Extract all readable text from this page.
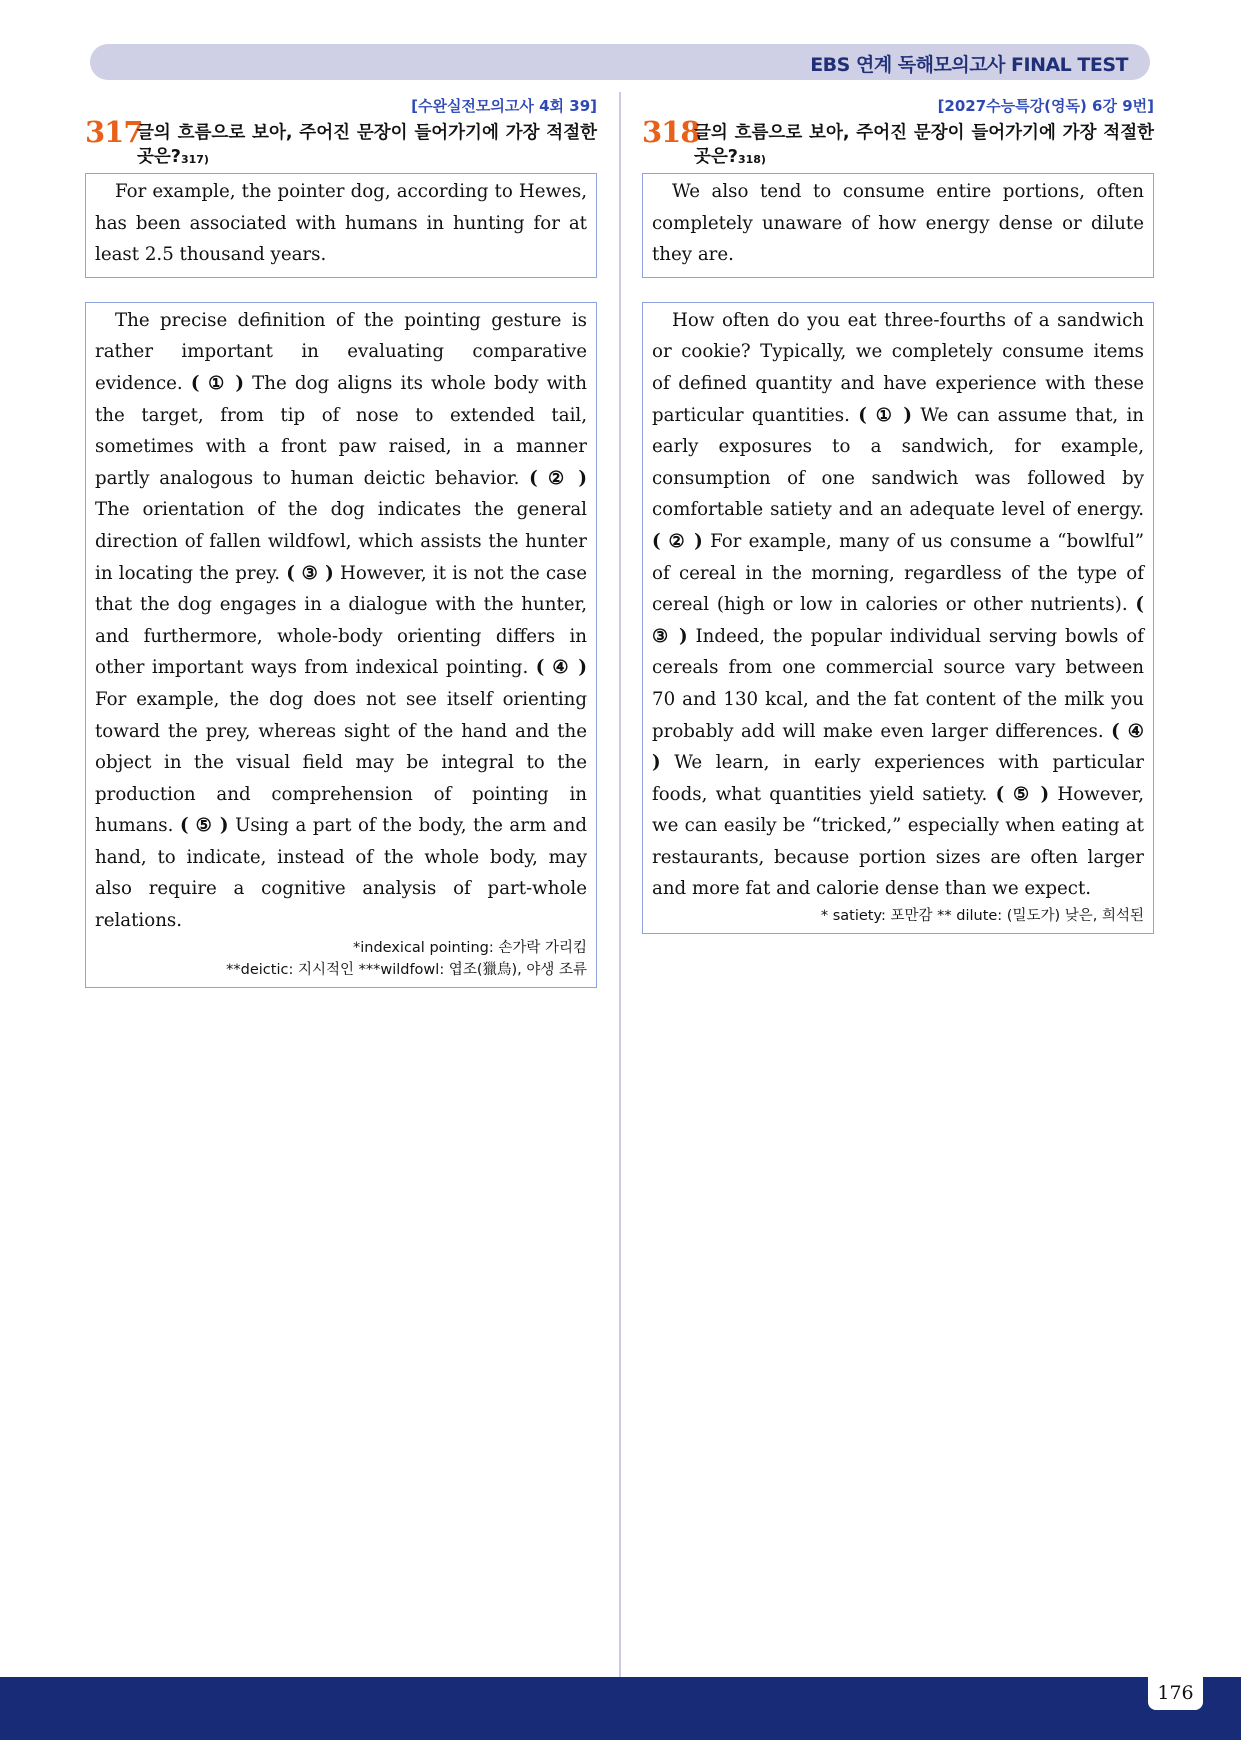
EBS 연계 독해모의고사 FINAL TEST
[수완실전모의고사 4회 39]
317
글의 흐름으로 보아, 주어진 문장이 들어가기에 가장 적절한 곳은?$^{317)}$

For example, the pointer dog, according to Hewes, has been associated with humans in hunting for at least 2.5 thousand years.

The precise definition of the pointing gesture is rather important in evaluating comparative evidence. ( ① ) The dog aligns its whole body with the target, from tip of nose to extended tail, sometimes with a front paw raised, in a manner partly analogous to human deictic behavior. ( ② ) The orientation of the dog indicates the general direction of fallen wildfowl, which assists the hunter in locating the prey. ( ③ ) However, it is not the case that the dog engages in a dialogue with the hunter, and furthermore, whole-body orienting differs in other important ways from indexical pointing. ( ④ ) For example, the dog does not see itself orienting toward the prey, whereas sight of the hand and the object in the visual field may be integral to the production and comprehension of pointing in humans. ( ⑤ ) Using a part of the body, the arm and hand, to indicate, instead of the whole body, may also require a cognitive analysis of part-whole relations.

*indexical pointing: 손가락 가리킴
**deictic: 지시적인 ***wildfowl: 엽조(獵鳥), 야생 조류
[2027수능특강(영독) 6강 9번]
318
글의 흐름으로 보아, 주어진 문장이 들어가기에 가장 적절한 곳은?$^{318)}$

We also tend to consume entire portions, often completely unaware of how energy dense or dilute they are.

How often do you eat three-fourths of a sandwich or cookie? Typically, we completely consume items of defined quantity and have experience with these particular quantities. ( ① ) We can assume that, in early exposures to a sandwich, for example, consumption of one sandwich was followed by comfortable satiety and an adequate level of energy. ( ② ) For example, many of us consume a “bowlful” of cereal in the morning, regardless of the type of cereal (high or low in calories or other nutrients). ( ③ ) Indeed, the popular individual serving bowls of cereals from one commercial source vary between 70 and 130 kcal, and the fat content of the milk you probably add will make even larger differences. ( ④ ) We learn, in early experiences with particular foods, what quantities yield satiety. ( ⑤ ) However, we can easily be “tricked,” especially when eating at restaurants, because portion sizes are often larger and more fat and calorie dense than we expect.

* satiety: 포만감 ** dilute: (밀도가) 낮은, 희석된
176
